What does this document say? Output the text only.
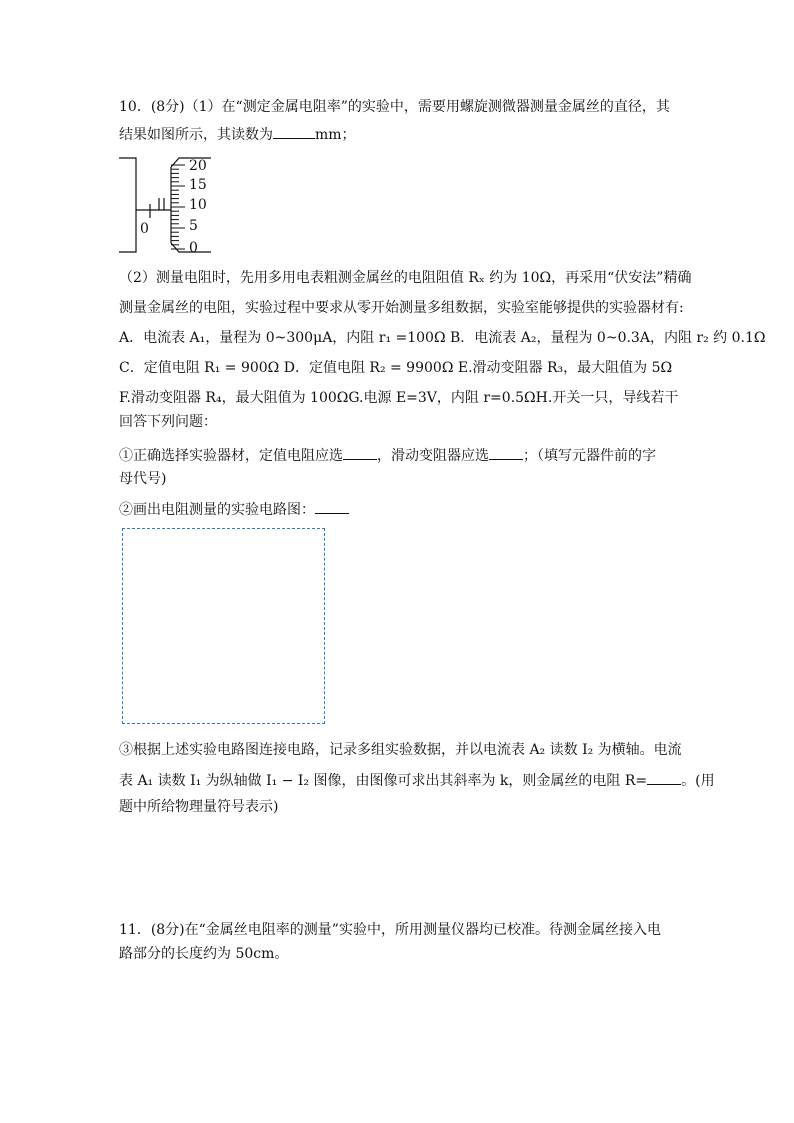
10．(8分)（1）在“测定金属电阻率”的实验中，需要用螺旋测微器测量金属丝的直径，其
结果如图所示，其读数为	mm；
0
20
15
10
5
0
（2）测量电阻时，先用多用电表粗测金属丝的电阻阻值 Rₓ 约为 10Ω，再采用“伏安法”精确
测量金属丝的电阻，实验过程中要求从零开始测量多组数据，实验室能够提供的实验器材有:
A．电流表 A₁，量程为 0~300μA，内阻 r₁ =100Ω B．电流表 A₂，量程为 0~0.3A，内阻 r₂ 约 0.1Ω
C．定值电阻 R₁ = 900Ω D．定值电阻 R₂ = 9900Ω E.滑动变阻器 R₃，最大阻值为 5Ω
F.滑动变阻器 R₄，最大阻值为 100ΩG.电源 E=3V，内阻 r=0.5ΩH.开关一只，导线若干
回答下列问题：
①正确选择实验器材，定值电阻应选 ，滑动变阻器应选 ；（填写元器件前的字
母代号)
②画出电阻测量的实验电路图：
③根据上述实验电路图连接电路，记录多组实验数据，并以电流表 A₂ 读数 I₂ 为横轴。电流
表 A₁ 读数 I₁ 为纵轴做 I₁ − I₂ 图像，由图像可求出其斜率为 k，则金属丝的电阻 R= 。(用
题中所给物理量符号表示)
11．(8分)在“金属丝电阻率的测量”实验中，所用测量仪器均已校准。待测金属丝接入电
路部分的长度约为 50cm。
